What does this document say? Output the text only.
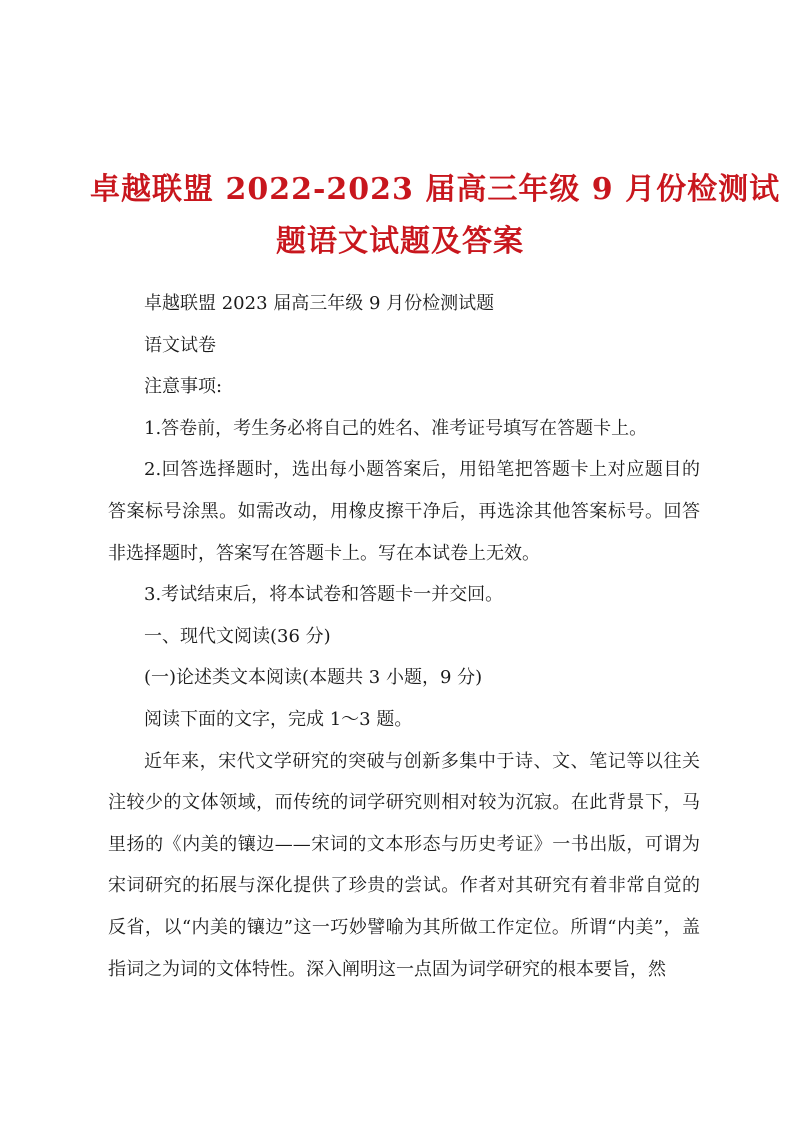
卓越联盟 2022-2023 届高三年级 9 月份检测试
题语文试题及答案

卓越联盟 2023 届高三年级 9 月份检测试题

语文试卷

注意事项:

1.答卷前，考生务必将自己的姓名、准考证号填写在答题卡上。

2.回答选择题时，选出每小题答案后，用铅笔把答题卡上对应题目的答案标号涂黑。如需改动，用橡皮擦干净后，再选涂其他答案标号。回答非选择题时，答案写在答题卡上。写在本试卷上无效。

3.考试结束后，将本试卷和答题卡一并交回。

一、现代文阅读(36 分)

(一)论述类文本阅读(本题共 3 小题，9 分)

阅读下面的文字，完成 1～3 题。

近年来，宋代文学研究的突破与创新多集中于诗、文、笔记等以往关注较少的文体领域，而传统的词学研究则相对较为沉寂。在此背景下，马里扬的《内美的镶边——宋词的文本形态与历史考证》一书出版，可谓为宋词研究的拓展与深化提供了珍贵的尝试。作者对其研究有着非常自觉的反省，以“内美的镶边”这一巧妙譬喻为其所做工作定位。所谓“内美”，盖指词之为词的文体特性。深入阐明这一点固为词学研究的根本要旨，然
